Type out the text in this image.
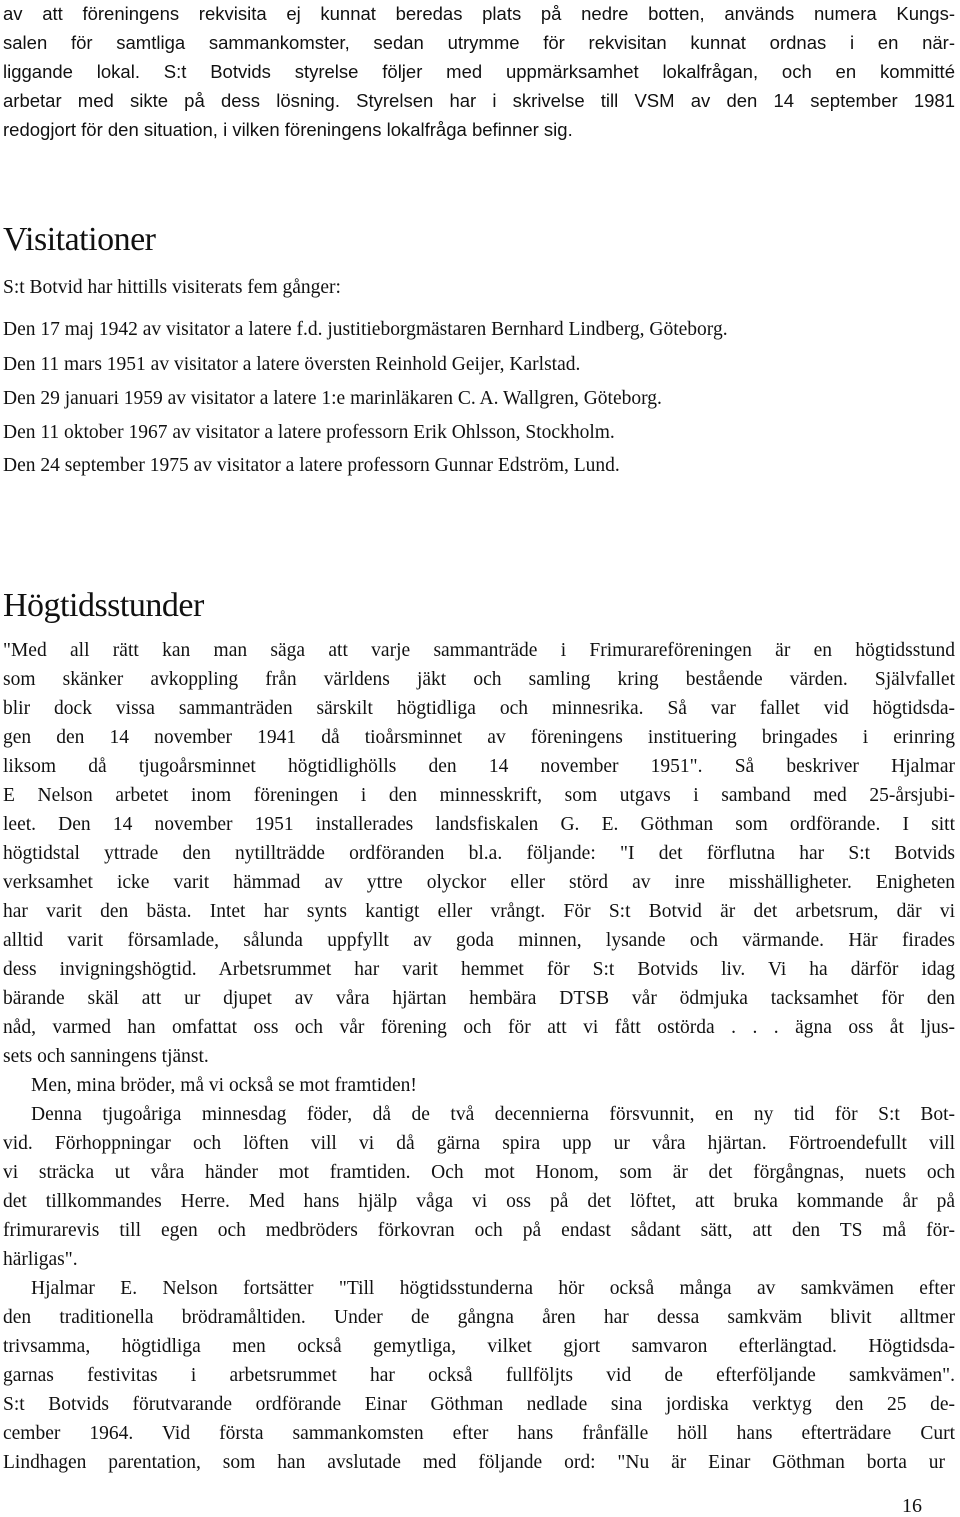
av att föreningens rekvisita ej kunnat beredas plats på nedre botten, används numera Kungs-

salen för samtliga sammankomster, sedan utrymme för rekvisitan kunnat ordnas i en när-

liggande lokal. S:t Botvids styrelse följer med uppmärksamhet lokalfrågan, och en kommitté

arbetar med sikte på dess lösning. Styrelsen har i skrivelse till VSM av den 14 september 1981

redogjort för den situation, i vilken föreningens lokalfråga befinner sig.

Visitationer

S:t Botvid har hittills visiterats fem gånger:

Den 17 maj 1942 av visitator a latere f.d. justitieborgmästaren Bernhard Lindberg, Göteborg.

Den 11 mars 1951 av visitator a latere översten Reinhold Geijer, Karlstad.

Den 29 januari 1959 av visitator a latere 1:e marinläkaren C. A. Wallgren, Göteborg.

Den 11 oktober 1967 av visitator a latere professorn Erik Ohlsson, Stockholm.

Den 24 september 1975 av visitator a latere professorn Gunnar Edström, Lund.

Högtidsstunder

"Med all rätt kan man säga att varje sammanträde i Frimurareföreningen är en högtidsstund

som skänker avkoppling från världens jäkt och samling kring bestående värden. Självfallet

blir dock vissa sammanträden särskilt högtidliga och minnesrika. Så var fallet vid högtidsda-

gen den 14 november 1941 då tioårsminnet av föreningens instituering bringades i erinring

liksom då tjugoårsminnet högtidlighölls den 14 november 1951". Så beskriver Hjalmar

E Nelson arbetet inom föreningen i den minnesskrift, som utgavs i samband med 25-årsjubi-

leet. Den 14 november 1951 installerades landsfiskalen G. E. Göthman som ordförande. I sitt

högtidstal yttrade den nytillträdde ordföranden bl.a. följande: "I det förflutna har S:t Botvids

verksamhet icke varit hämmad av yttre olyckor eller störd av inre misshälligheter. Enigheten

har varit den bästa. Intet har synts kantigt eller vrångt. För S:t Botvid är det arbetsrum, där vi

alltid varit församlade, sålunda uppfyllt av goda minnen, lysande och värmande. Här firades

dess invigningshögtid. Arbetsrummet har varit hemmet för S:t Botvids liv. Vi ha därför idag

bärande skäl att ur djupet av våra hjärtan hembära DTSB vår ödmjuka tacksamhet för den

nåd, varmed han omfattat oss och vår förening och för att vi fått ostörda . . . ägna oss åt ljus-

sets och sanningens tjänst.

Men, mina bröder, må vi också se mot framtiden!

Denna tjugoåriga minnesdag föder, då de två decennierna försvunnit, en ny tid för S:t Bot-

vid. Förhoppningar och löften vill vi då gärna spira upp ur våra hjärtan. Förtroendefullt vill

vi sträcka ut våra händer mot framtiden. Och mot Honom, som är det förgångnas, nuets och

det tillkommandes Herre. Med hans hjälp våga vi oss på det löftet, att bruka kommande år på

frimurarevis till egen och medbröders förkovran och på endast sådant sätt, att den TS må för-

härligas".

Hjalmar E. Nelson fortsätter "Till högtidsstunderna hör också många av samkvämen efter

den traditionella brödramåltiden. Under de gångna åren har dessa samkväm blivit alltmer

trivsamma, högtidliga men också gemytliga, vilket gjort samvaron efterlängtad. Högtidsda-

garnas festivitas i arbetsrummet har också fullföljts vid de efterföljande samkvämen".

S:t Botvids förutvarande ordförande Einar Göthman nedlade sina jordiska verktyg den 25 de-

cember 1964. Vid första sammankomsten efter hans frånfälle höll hans efterträdare Curt

Lindhagen parentation, som han avslutade med följande ord: "Nu är Einar Göthman borta ur

16
